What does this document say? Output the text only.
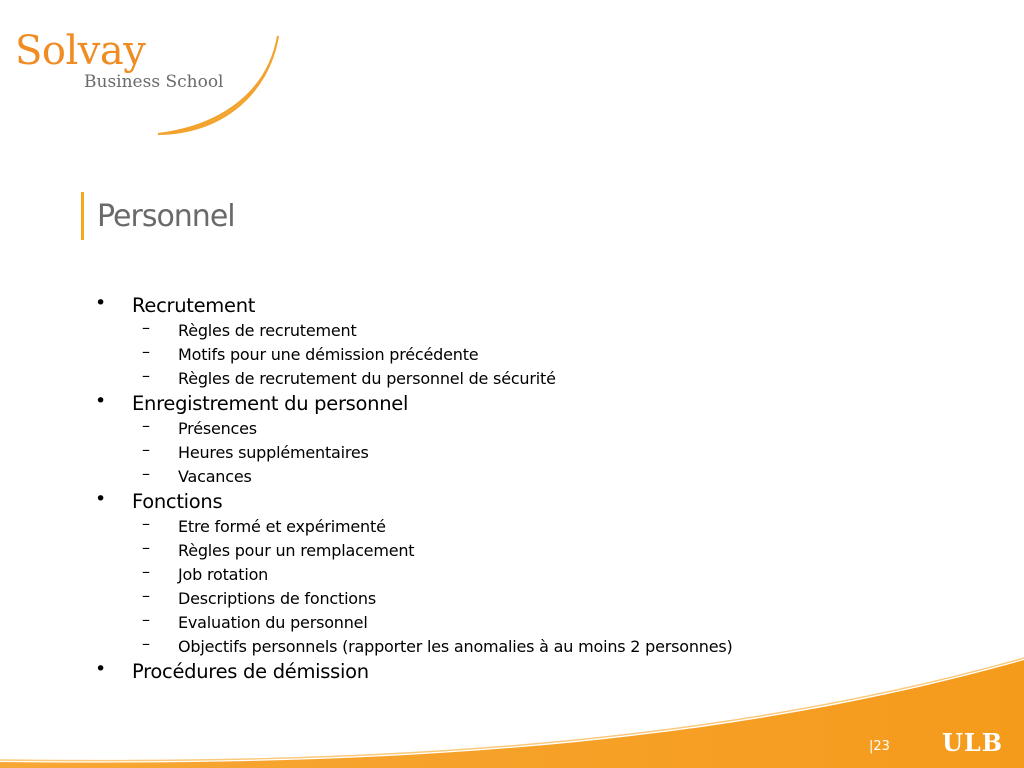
Solvay
Business School
Personnel
• Recrutement
– Règles de recrutement
– Motifs pour une démission précédente
– Règles de recrutement du personnel de sécurité
• Enregistrement du personnel
– Présences
– Heures supplémentaires
– Vacances
• Fonctions
– Etre formé et expérimenté
– Règles pour un remplacement
– Job rotation
– Descriptions de fonctions
– Evaluation du personnel
– Objectifs personnels (rapporter les anomalies à au moins 2 personnes)
• Procédures de démission
|23 ULB
